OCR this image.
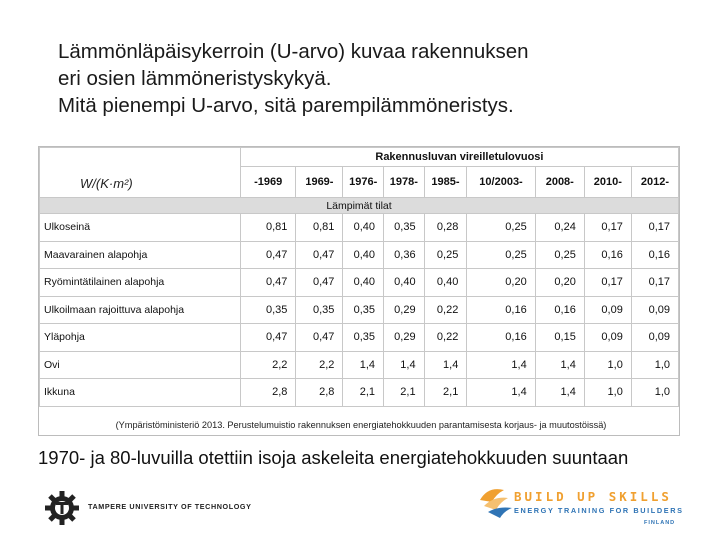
Lämmönläpäisykerroin (U-arvo) kuvaa rakennuksen
eri osien lämmöneristyskykyä.
Mitä pienempi U-arvo, sitä parempilämmöneristys.
	Rakennusluvan vireilletulovuosi								
	-1969	1969-	1976-	1978-	1985-	10/2003-	2008-	2010-	2012-
Lämpimät tilat									
Ulkoseinä	0,81	0,81	0,40	0,35	0,28	0,25	0,24	0,17	0,17
Maavarainen alapohja	0,47	0,47	0,40	0,36	0,25	0,25	0,25	0,16	0,16
Ryömintätilainen alapohja	0,47	0,47	0,40	0,40	0,40	0,20	0,20	0,17	0,17
Ulkoilmaan rajoittuva alapohja	0,35	0,35	0,35	0,29	0,22	0,16	0,16	0,09	0,09
Yläpohja	0,47	0,47	0,35	0,29	0,22	0,16	0,15	0,09	0,09
Ovi	2,2	2,2	1,4	1,4	1,4	1,4	1,4	1,0	1,0
Ikkuna	2,8	2,8	2,1	2,1	2,1	1,4	1,4	1,0	1,0
W/(K·m²)
(Ympäristöministeriö 2013. Perustelumuistio rakennuksen energiatehokkuuden parantamisesta korjaus- ja muutostöissä)
1970- ja 80-luvuilla otettiin isoja askeleita energiatehokkuuden suuntaan
TAMPERE UNIVERSITY OF TECHNOLOGY
BUILD UP SKILLS
ENERGY TRAINING FOR BUILDERS
FINLAND
